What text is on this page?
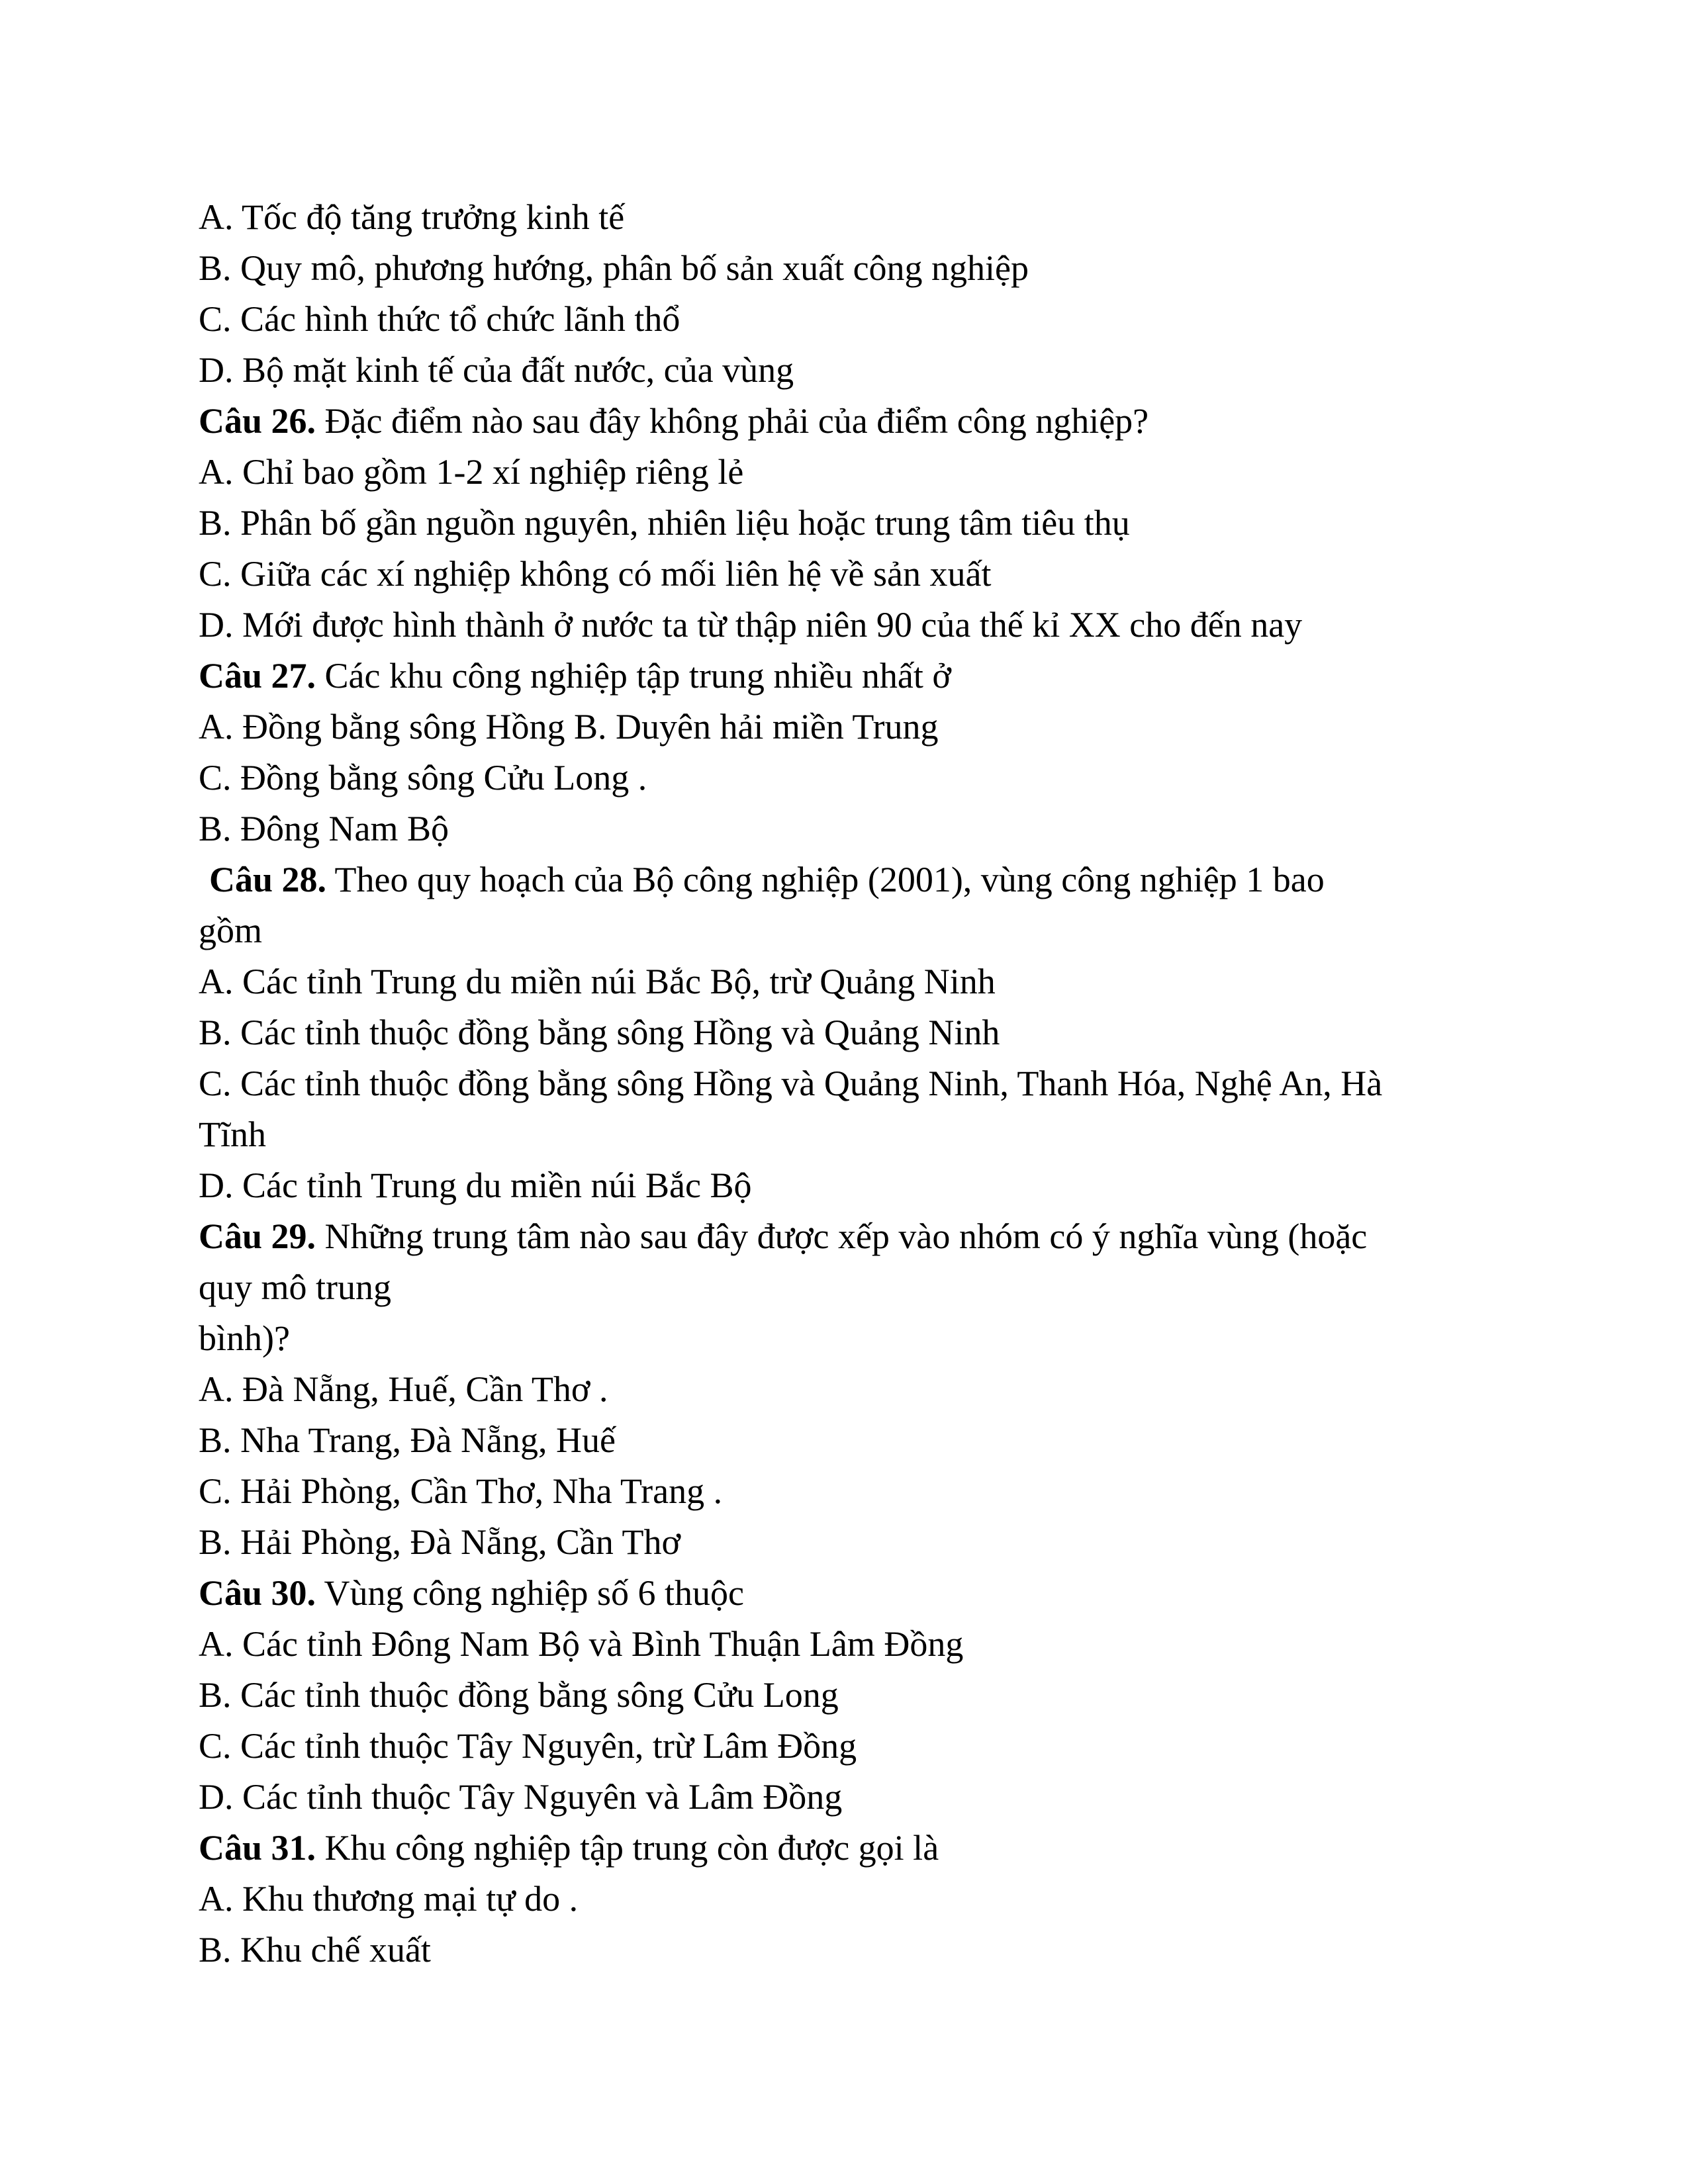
A. Tốc độ tăng trưởng kinh tế
B. Quy mô, phương hướng, phân bố sản xuất công nghiệp
C. Các hình thức tổ chức lãnh thổ
D. Bộ mặt kinh tế của đất nước, của vùng
Câu 26. Đặc điểm nào sau đây không phải của điểm công nghiệp?
A. Chỉ bao gồm 1-2 xí nghiệp riêng lẻ
B. Phân bố gần nguồn nguyên, nhiên liệu hoặc trung tâm tiêu thụ
C. Giữa các xí nghiệp không có mối liên hệ về sản xuất
D. Mới được hình thành ở nước ta từ thập niên 90 của thế kỉ XX cho đến nay
Câu 27. Các khu công nghiệp tập trung nhiều nhất ở
A. Đồng bằng sông Hồng B. Duyên hải miền Trung
C. Đồng bằng sông Cửu Long .
B. Đông Nam Bộ
Câu 28. Theo quy hoạch của Bộ công nghiệp (2001), vùng công nghiệp 1 bao
gồm
A. Các tỉnh Trung du miền núi Bắc Bộ, trừ Quảng Ninh
B. Các tỉnh thuộc đồng bằng sông Hồng và Quảng Ninh
C. Các tỉnh thuộc đồng bằng sông Hồng và Quảng Ninh, Thanh Hóa, Nghệ An, Hà
Tĩnh
D. Các tỉnh Trung du miền núi Bắc Bộ
Câu 29. Những trung tâm nào sau đây được xếp vào nhóm có ý nghĩa vùng (hoặc
quy mô trung
bình)?
A. Đà Nẵng, Huế, Cần Thơ .
B. Nha Trang, Đà Nẵng, Huế
C. Hải Phòng, Cần Thơ, Nha Trang .
B. Hải Phòng, Đà Nẵng, Cần Thơ
Câu 30. Vùng công nghiệp số 6 thuộc
A. Các tỉnh Đông Nam Bộ và Bình Thuận Lâm Đồng
B. Các tỉnh thuộc đồng bằng sông Cửu Long
C. Các tỉnh thuộc Tây Nguyên, trừ Lâm Đồng
D. Các tỉnh thuộc Tây Nguyên và Lâm Đồng
Câu 31. Khu công nghiệp tập trung còn được gọi là
A. Khu thương mại tự do .
B. Khu chế xuất
